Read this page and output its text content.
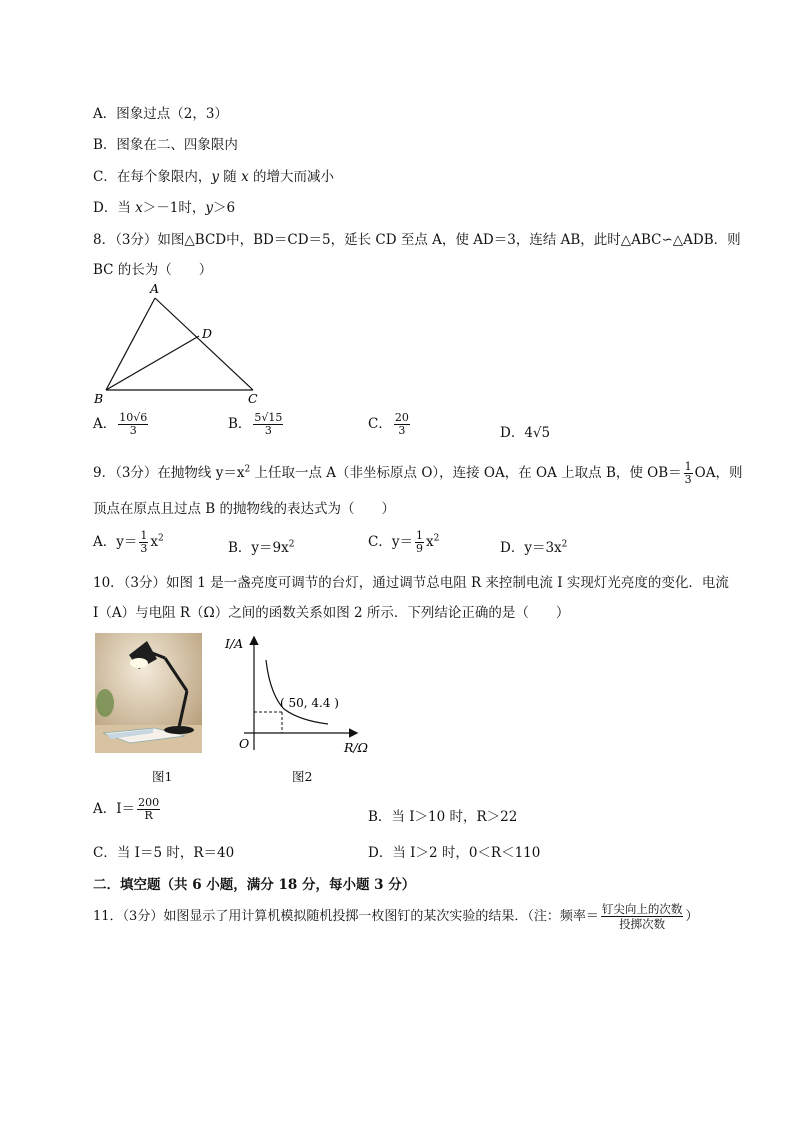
A．图象过点（2，3）
B．图象在二、四象限内
C．在每个象限内，y 随 x 的增大而减小
D．当 x＞－1时，y＞6
8．（3分）如图△BCD中，BD＝CD＝5，延长 CD 至点 A，使 AD＝3，连结 AB，此时△ABC∽△ADB．则
BC 的长为（　　）
A
D
B	C
A． $\frac{10√6}{3}$	B． $\frac{5√15}{3}$	C． $\frac{20}{3}$	D．4√5
9．（3分）在抛物线 $y=x^2$ 上任取一点 A（非坐标原点 O），连接 OA，在 OA 上取点 B，使 $OB= \frac{1}{3}$ OA，则
顶点在原点且过点 B 的抛物线的表达式为（　　）
A．$y= \frac{1}{3} x^2$
B．$y=9x^2$	C．$y= \frac{1}{9} x^2$
D．$y=3x^2$
10．（3分）如图 1 是一盏亮度可调节的台灯，通过调节总电阻 R 来控制电流 I 实现灯光亮度的变化．电流
I（A）与电阻 R（Ω）之间的函数关系如图 2 所示．下列结论正确的是（　　）
图1
I/A
R/Ω
O
( 50, 4.4 )
图2
A．$I= \frac{200}{R}$	B．当 I＞10 时，R＞22
C．当 I＝5 时，R＝40	D．当 I＞2 时，0＜R＜110
二．填空题（共 6 小题，满分 18 分，每小题 3 分）
11．（3分）如图显示了用计算机模拟随机投掷一枚图钉的某次实验的结果．（注：频率＝ $\frac{\text{钉尖向上的次数}}{\text{投掷次数}}$ ）
